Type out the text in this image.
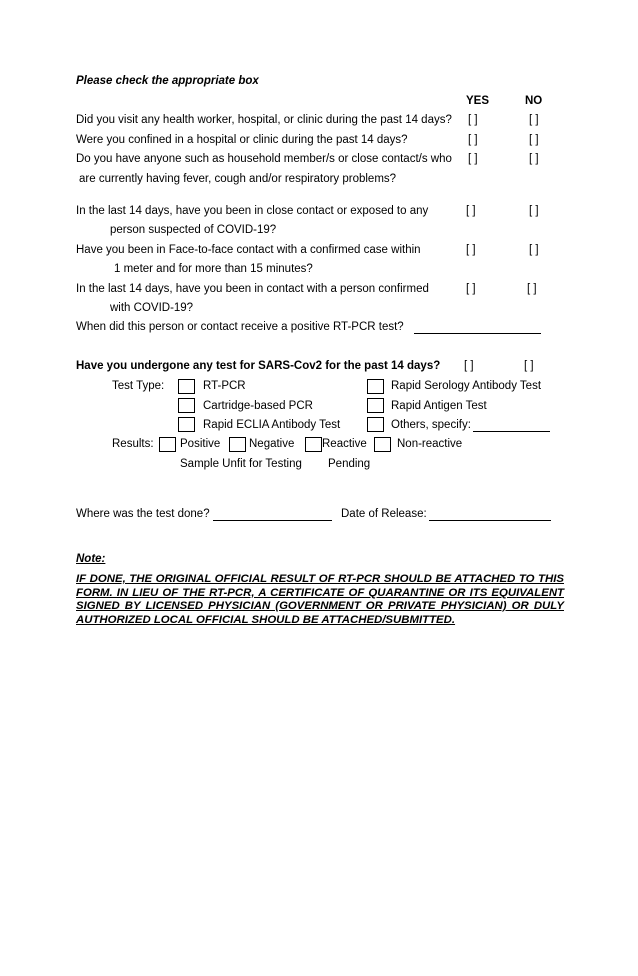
Please check the appropriate box
YES	NO
Did you visit any health worker, hospital, or clinic during the past 14 days? [ ]	[ ]
Were you confined in a hospital or clinic during the past 14 days?	[ ]	[ ]
Do you have anyone such as household member/s or close contact/s who [ ]	[ ]
are currently having fever, cough and/or respiratory problems?
In the last 14 days, have you been in close contact or exposed to any	[ ]	[ ]
person suspected of COVID-19?
Have you been in Face-to-face contact with a confirmed case within	[ ]	[ ]
1 meter and for more than 15 minutes?
In the last 14 days, have you been in contact with a person confirmed	[ ]	[ ]
with COVID-19?
When did this person or contact receive a positive RT-PCR test?
Have you undergone any test for SARS-Cov2 for the past 14 days? [ ]	[ ]
Test Type:	RT-PCR	Rapid Serology Antibody Test
Cartridge-based PCR	Rapid Antigen Test
Rapid ECLIA Antibody Test	Others, specify:
Results: Positive Negative Reactive	Non-reactive
Sample Unfit for Testing Pending
Where was the test done?	Date of Release:
Note:
IF DONE, THE ORIGINAL OFFICIAL RESULT OF RT-PCR SHOULD BE ATTACHED TO THIS FORM. IN LIEU OF THE RT-PCR, A CERTIFICATE OF QUARANTINE OR ITS EQUIVALENT SIGNED BY LICENSED PHYSICIAN (GOVERNMENT OR PRIVATE PHYSICIAN) OR DULY AUTHORIZED LOCAL OFFICIAL SHOULD BE ATTACHED/SUBMITTED.
